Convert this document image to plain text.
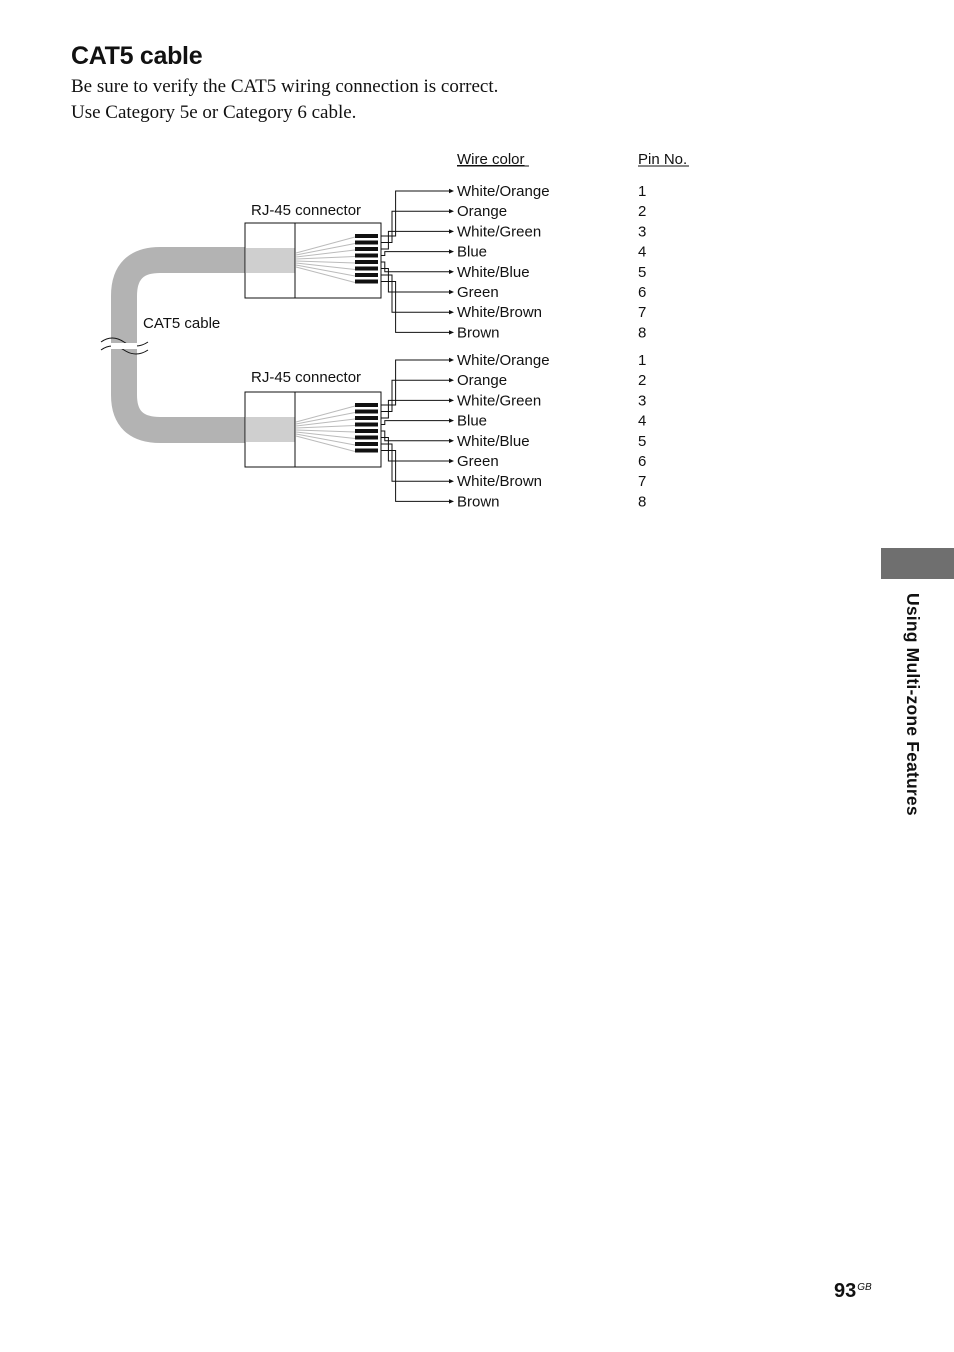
CAT5 cable
Be sure to verify the CAT5 wiring connection is correct.
Use Category 5e or Category 6 cable.
Wire color	Pin No.
RJ-45 connector
RJ-45 connector
CAT5 cable
White/Orange	1
Orange	2
White/Green	3
Blue	4
White/Blue	5
Green	6
White/Brown	7
Brown	8
White/Orange	1
Orange	2
White/Green	3
Blue	4
White/Blue	5
Green	6
White/Brown	7
Brown	8
Using Multi-zone Features
$93^{GB}$
